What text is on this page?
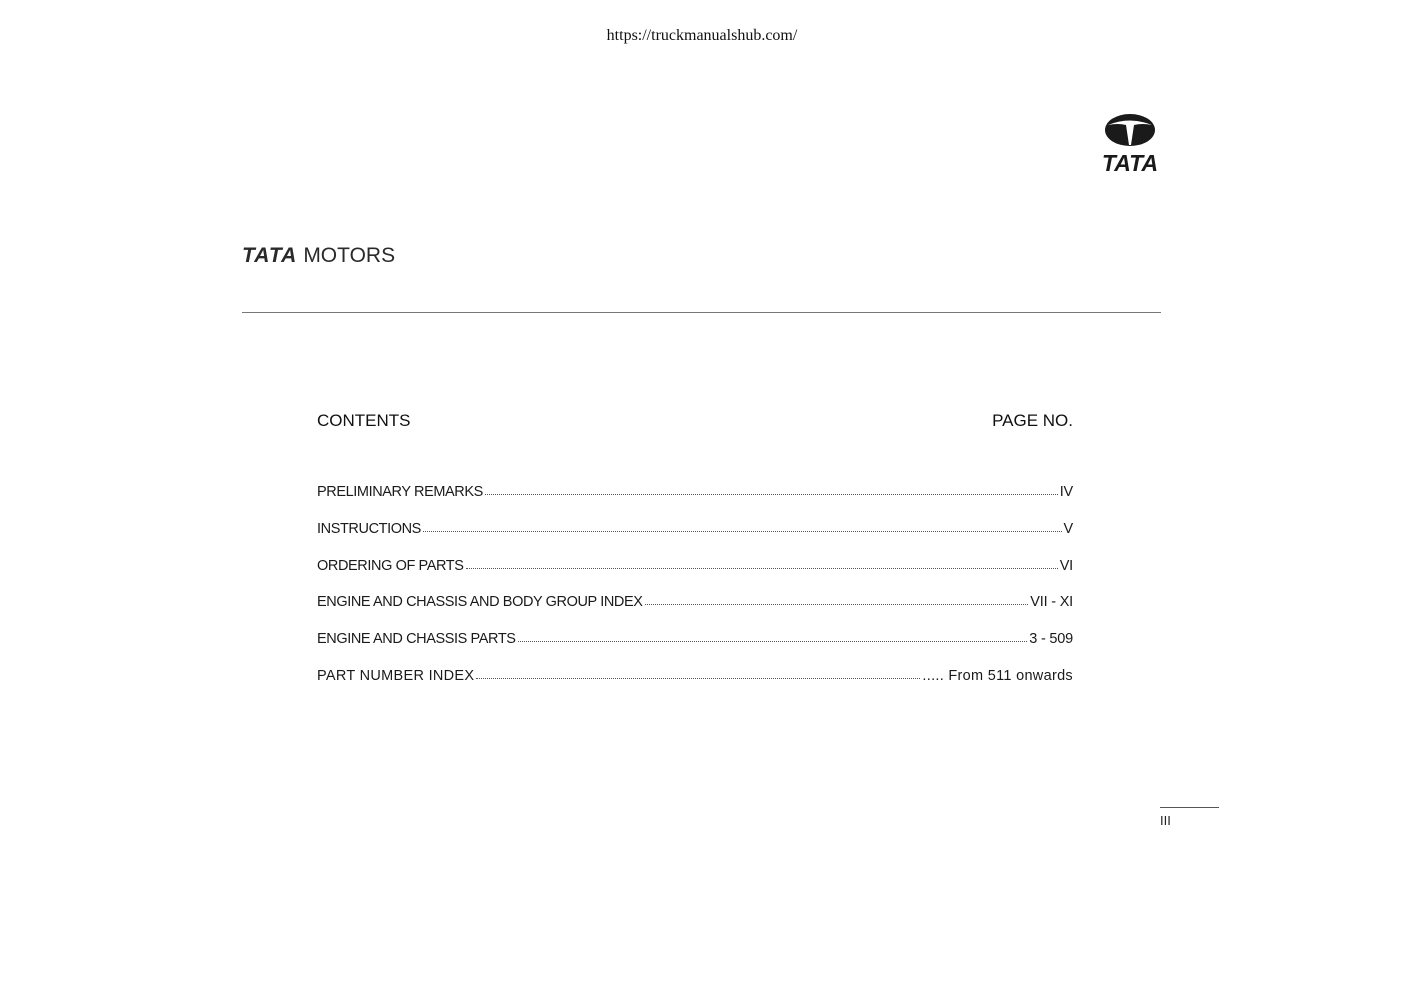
https://truckmanualshub.com/
TATA
TATA MOTORS
CONTENTS	PAGE NO.
PRELIMINARY REMARKS	IV
INSTRUCTIONS	V
ORDERING OF PARTS	VI
ENGINE AND CHASSIS AND BODY GROUP INDEX	VII - XI
ENGINE AND CHASSIS PARTS	3 - 509
PART NUMBER INDEX	..... From 511 onwards
III
